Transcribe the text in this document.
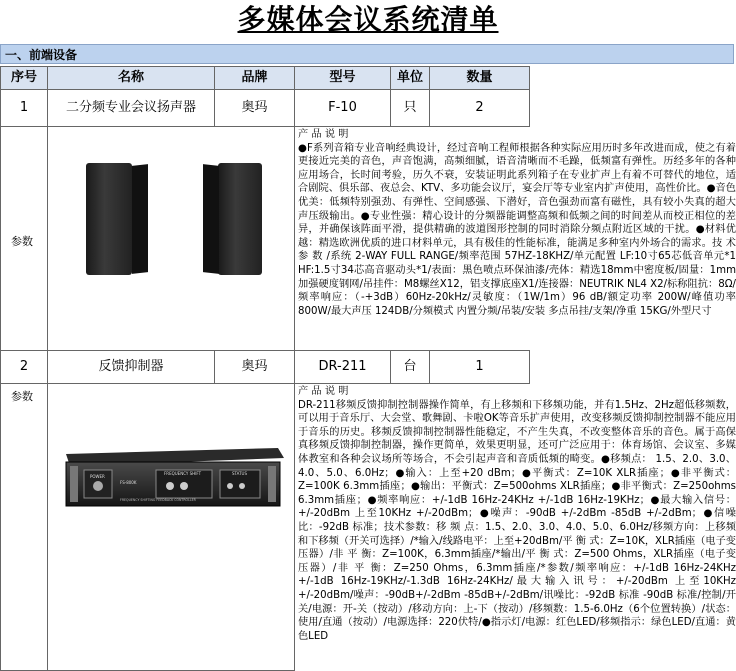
多媒体会议系统清单
一、前端设备
序号	名称	品牌	型号	单位	数量
1	二分频专业会议扬声器	奥玛	F-10	只	2
参数
产 品 说 明
●F系列音箱专业音响经典设计，经过音响工程师根据各种实际应用历时多年改进而成，使之有着更接近完美的音色，声音饱满，高频细腻，语音清晰而不毛躁，低频富有弹性。历经多年的各种应用场合，长时间考验，历久不衰，安装证明此系列箱子在专业扩声上有着不可替代的地位，适合剧院、俱乐部、夜总会、KTV、多功能会议厅，宴会厅等专业室内扩声使用，高性价比。●音色优美：低频特别强劲、有弹性、空间感强、下潜好，音色强劲而富有磁性，具有较小失真的超大声压级输出。●专业性强：精心设计的分频器能调整高频和低频之间的时间差从而校正相位的差异，并确保该阵面平滑，提供精确的波道图形控制的同时消除分频点附近区域的干扰。●材料优越：精选欧洲优质的进口材料单元，具有极佳的性能标准，能满足多种室内外场合的需求。技 术 参 数 /系统 2-WAY FULL RANGE/频率范围 57HZ-18KHZ/单元配置 LF:10寸65芯低音单元*1 HF:1.5寸34芯高音驱动头*1/表面：黑色喷点环保油漆/壳体：精选18mm中密度板/固量：1mm加强硬度钢网/吊挂件：M8螺丝X12，铝支撑底座X1/连接器：NEUTRIK NL4 X2/标称阻抗：8Ω/频率响应：（-+3dB）60Hz-20kHz/灵敏度：（1W/1m）96 dB/额定功率 200W/峰值功率 800W/最大声压 124DB/分频模式 内置分频/吊装/安装 多点吊挂/支架/净重 15KG/外型尺寸
2	反馈抑制器	奥玛	DR-211	台	1
参数
POWER
FREQUENCY SHIFT	STATUS
FS-800K
FREQUENCY SHIFTING FEEDBACK CONTROLLER
产 品 说 明
DR-211移频反馈抑制控制器操作简单，有上移频和下移频功能，并有1.5Hz、2Hz超低移频数，可以用于音乐厅、大会堂、歌舞剧、卡啦OK等音乐扩声使用，改变移频反馈抑制控制器不能应用于音乐的历史。移频反馈抑制控制器性能稳定，不产生失真，不改变整体音乐的音色。属于高保真移频反馈抑制控制器，操作更简单，效果更明显，还可广泛应用于：体育场馆、会议室、多媒体教室和各种会议场所等场合，不会引起声音和音质低频的畸变。●移频点： 1.5、2.0、3.0、4.0、5.0、6.0Hz；●输入：上至+20 dBm；●平衡式：Z=10K XLR插座；●非平衡式：Z=100K 6.3mm插座；●输出：平衡式：Z=500ohms XLR插座；●非平衡式：Z=250ohms 6.3mm插座；●频率响应：+/-1dB 16Hz-24KHz +/-1dB 16Hz-19KHz；●最大输入信号：+/-20dBm 上至10KHz +/-20dBm；●噪声：-90dB +/-2dBm -85dB +/-2dBm；●信噪比：-92dB 标准；技术参数：移 频 点：1.5、2.0、3.0、4.0、5.0、6.0Hz/移频方向：上移频和下移频（开关可选择）/*输入/线路电平：上至+20dBm/平 衡 式：Z=10K，XLR插座（电子变压器）/非 平 衡：Z=100K，6.3mm插座/*输出/平 衡 式：Z=500 Ohms，XLR插座（电子变压器）/非 平 衡：Z=250 Ohms，6.3mm插座/*参数/频率响应：+/-1dB 16Hz-24KHz +/-1dB 16Hz-19KHz/-1.3dB 16Hz-24KHz/最大输入讯号：+/-20dBm 上至10KHz +/-20dBm/噪声：-90dB+/-2dBm -85dB+/-2dBm/讯噪比：-92dB 标准 -90dB 标准/控制/开关/电源：开-关（按动）/移动方向：上-下（按动）/移频数：1.5-6.0Hz（6个位置转换）/状态：使用/直通（按动）/电源选择：220伏特/●指示灯/电源：红色LED/移频指示：绿色LED/直通：黄色LED
